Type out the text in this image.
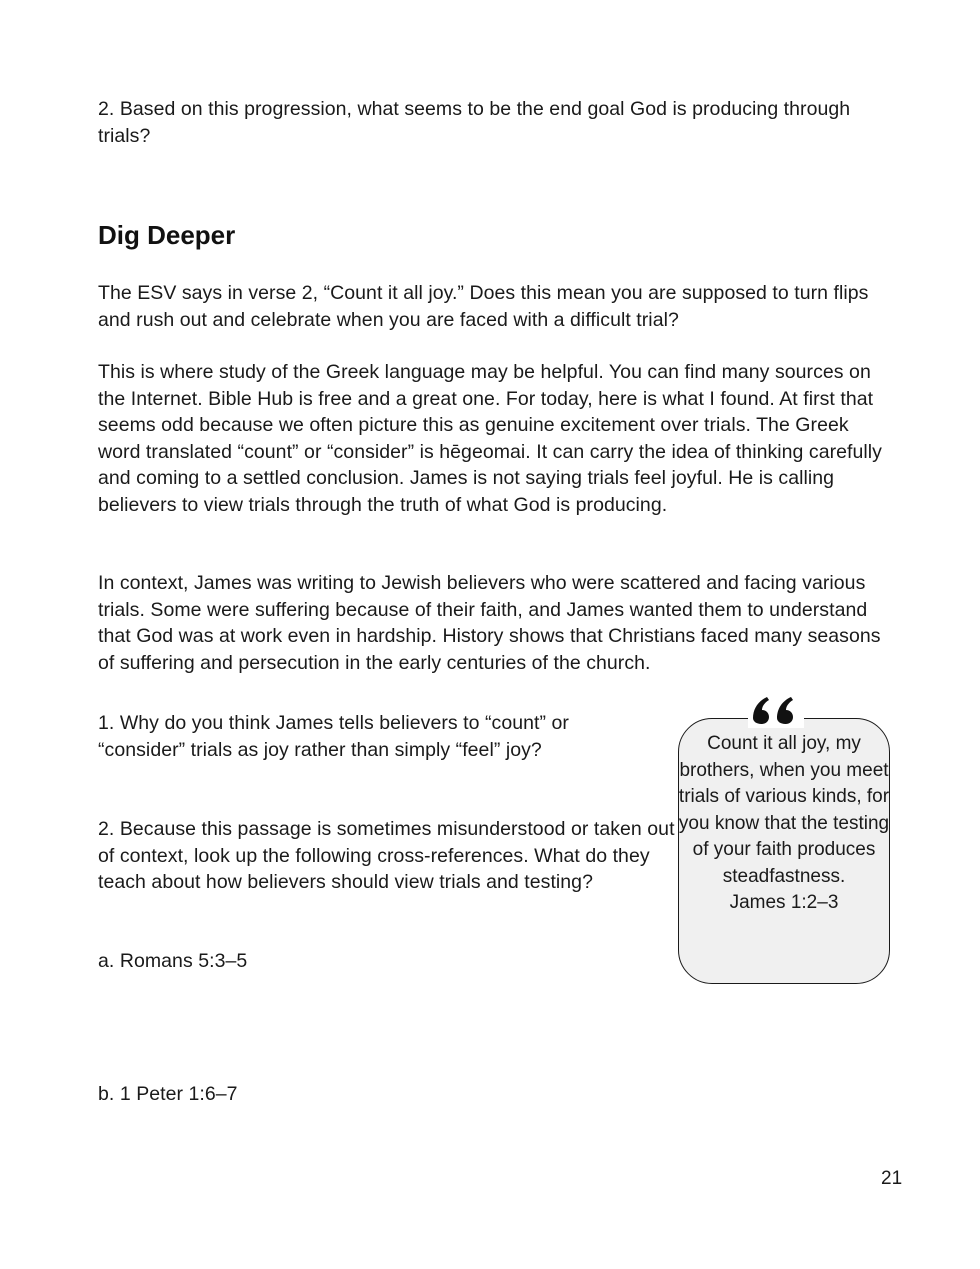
2. Based on this progression, what seems to be the end goal God is producing through trials?

Dig Deeper

The ESV says in verse 2, “Count it all joy.” Does this mean you are supposed to turn flips and rush out and celebrate when you are faced with a difficult trial?

This is where study of the Greek language may be helpful. You can find many sources on the Internet. Bible Hub is free and a great one. For today, here is what I found. At first that seems odd because we often picture this as genuine excitement over trials. The Greek word translated “count” or “consider” is hēgeomai. It can carry the idea of thinking carefully and coming to a settled conclusion. James is not saying trials feel joyful. He is calling believers to view trials through the truth of what God is producing.

In context, James was writing to Jewish believers who were scattered and facing various trials. Some were suffering because of their faith, and James wanted them to understand that God was at work even in hardship. History shows that Christians faced many seasons of suffering and persecution in the early centuries of the church.

1. Why do you think James tells believers to “count” or “consider” trials as joy rather than simply “feel” joy?

2. Because this passage is sometimes misunderstood or taken out of context, look up the following cross-references. What do they teach about how believers should view trials and testing?

a. Romans 5:3–5

b. 1 Peter 1:6–7

Count it all joy, my brothers, when you meet trials of various kinds, for you know that the testing of your faith produces steadfastness.
James 1:2–3

21
